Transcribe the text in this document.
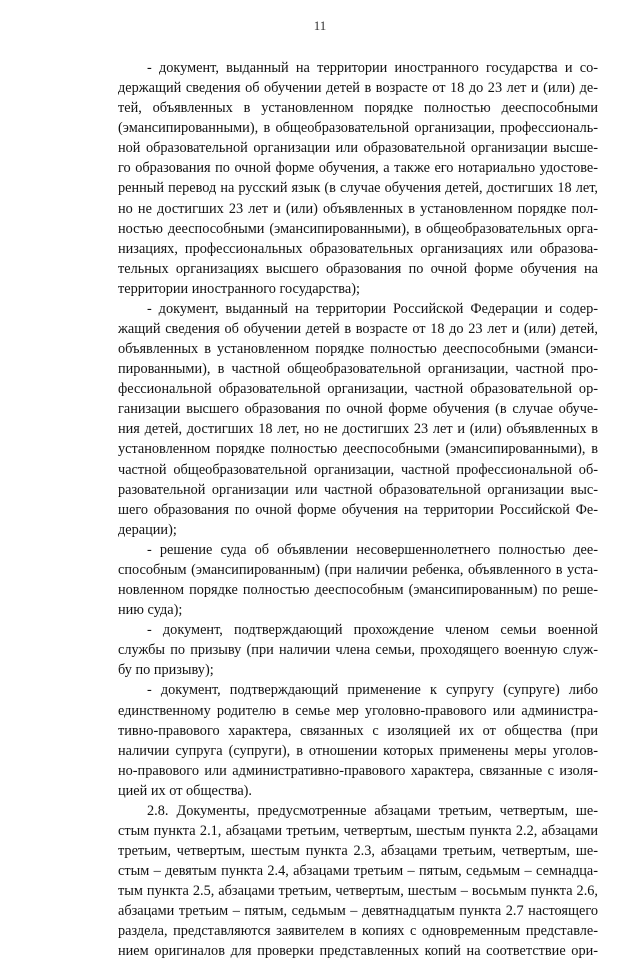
11
- документ, выданный на территории иностранного государства и со-
держащий сведения об обучении детей в возрасте от 18 до 23 лет и (или) де-
тей, объявленных в установленном порядке полностью дееспособными
(эмансипированными), в общеобразовательной организации, профессиональ-
ной образовательной организации или образовательной организации высше-
го образования по очной форме обучения, а также его нотариально удостове-
ренный перевод на русский язык (в случае обучения детей, достигших 18 лет,
но не достигших 23 лет и (или) объявленных в установленном порядке пол-
ностью дееспособными (эмансипированными), в общеобразовательных орга-
низациях, профессиональных образовательных организациях или образова-
тельных организациях высшего образования по очной форме обучения на
территории иностранного государства);
- документ, выданный на территории Российской Федерации и содер-
жащий сведения об обучении детей в возрасте от 18 до 23 лет и (или) детей,
объявленных в установленном порядке полностью дееспособными (эманси-
пированными), в частной общеобразовательной организации, частной про-
фессиональной образовательной организации, частной образовательной ор-
ганизации высшего образования по очной форме обучения (в случае обуче-
ния детей, достигших 18 лет, но не достигших 23 лет и (или) объявленных в
установленном порядке полностью дееспособными (эмансипированными), в
частной общеобразовательной организации, частной профессиональной об-
разовательной организации или частной образовательной организации выс-
шего образования по очной форме обучения на территории Российской Фе-
дерации);
- решение суда об объявлении несовершеннолетнего полностью дее-
способным (эмансипированным) (при наличии ребенка, объявленного в уста-
новленном порядке полностью дееспособным (эмансипированным) по реше-
нию суда);
- документ, подтверждающий прохождение членом семьи военной
службы по призыву (при наличии члена семьи, проходящего военную служ-
бу по призыву);
- документ, подтверждающий применение к супругу (супруге) либо
единственному родителю в семье мер уголовно-правового или администра-
тивно-правового характера, связанных с изоляцией их от общества (при
наличии супруга (супруги), в отношении которых применены меры уголов-
но-правового или административно-правового характера, связанные с изоля-
цией их от общества).
2.8. Документы, предусмотренные абзацами третьим, четвертым, ше-
стым пункта 2.1, абзацами третьим, четвертым, шестым пункта 2.2, абзацами
третьим, четвертым, шестым пункта 2.3, абзацами третьим, четвертым, ше-
стым – девятым пункта 2.4, абзацами третьим – пятым, седьмым – семнадца-
тым пункта 2.5, абзацами третьим, четвертым, шестым – восьмым пункта 2.6,
абзацами третьим – пятым, седьмым – девятнадцатым пункта 2.7 настоящего
раздела, представляются заявителем в копиях с одновременным представле-
нием оригиналов для проверки представленных копий на соответствие ори-
